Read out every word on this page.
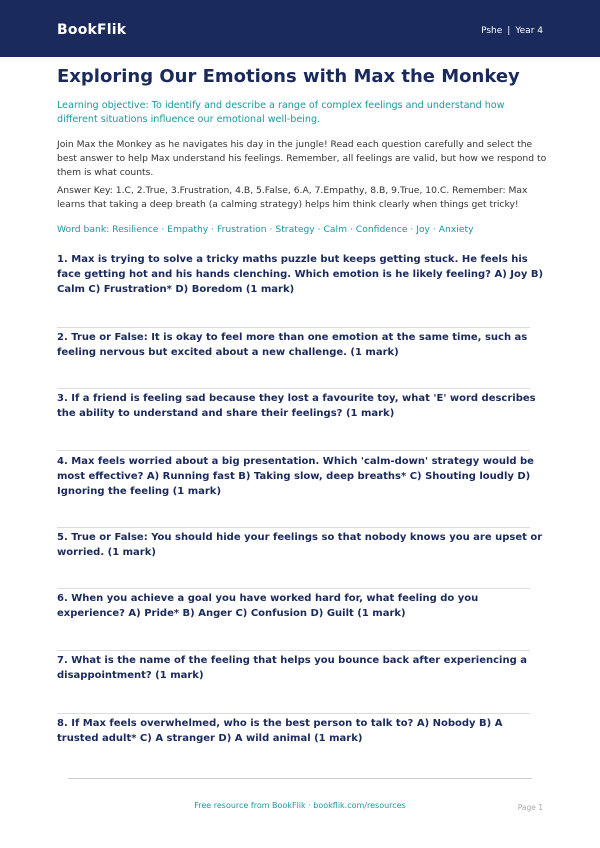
BookFlik	Pshe | Year 4
Exploring Our Emotions with Max the Monkey

Learning objective: To identify and describe a range of complex feelings and understand how different situations influence our emotional well-being.

Join Max the Monkey as he navigates his day in the jungle! Read each question carefully and select the best answer to help Max understand his feelings. Remember, all feelings are valid, but how we respond to them is what counts.

Answer Key: 1.C, 2.True, 3.Frustration, 4.B, 5.False, 6.A, 7.Empathy, 8.B, 9.True, 10.C. Remember: Max learns that taking a deep breath (a calming strategy) helps him think clearly when things get tricky!

Word bank: Resilience · Empathy · Frustration · Strategy · Calm · Confidence · Joy · Anxiety

1. Max is trying to solve a tricky maths puzzle but keeps getting stuck. He feels his face getting hot and his hands clenching. Which emotion is he likely feeling? A) Joy B) Calm C) Frustration* D) Boredom (1 mark)

2. True or False: It is okay to feel more than one emotion at the same time, such as feeling nervous but excited about a new challenge. (1 mark)

3. If a friend is feeling sad because they lost a favourite toy, what 'E' word describes the ability to understand and share their feelings? (1 mark)

4. Max feels worried about a big presentation. Which 'calm-down' strategy would be most effective? A) Running fast B) Taking slow, deep breaths* C) Shouting loudly D) Ignoring the feeling (1 mark)

5. True or False: You should hide your feelings so that nobody knows you are upset or worried. (1 mark)

6. When you achieve a goal you have worked hard for, what feeling do you experience? A) Pride* B) Anger C) Confusion D) Guilt (1 mark)

7. What is the name of the feeling that helps you bounce back after experiencing a disappointment? (1 mark)

8. If Max feels overwhelmed, who is the best person to talk to? A) Nobody B) A trusted adult* C) A stranger D) A wild animal (1 mark)

Free resource from BookFlik · bookflik.com/resources	Page 1
